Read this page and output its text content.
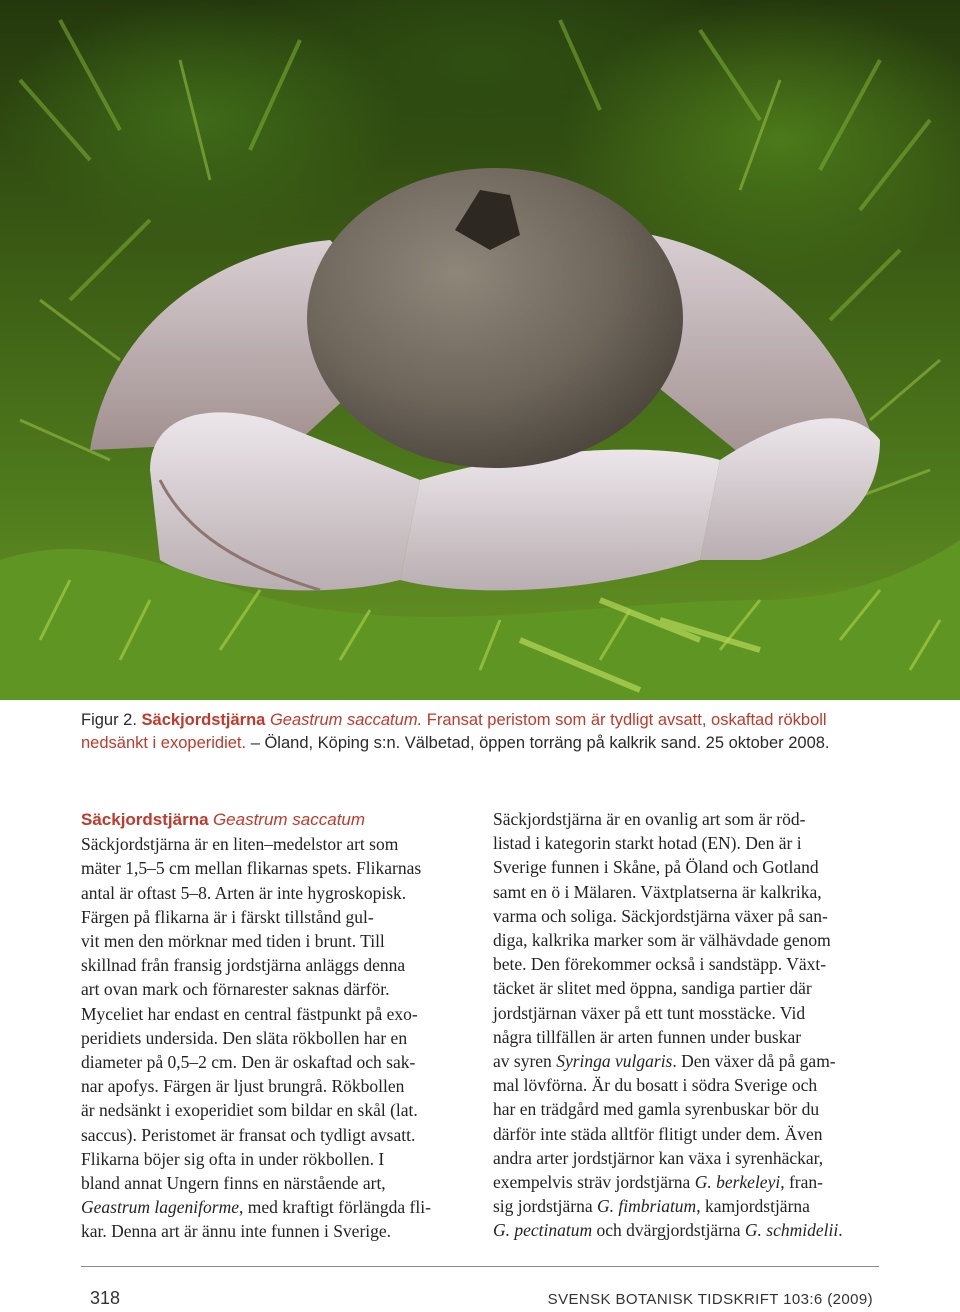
Figur 2. Säckjordstjärna Geastrum saccatum. Fransat peristom som är tydligt avsatt, oskaftad rökboll nedsänkt i exoperidiet. – Öland, Köping s:n. Välbetad, öppen torräng på kalkrik sand. 25 oktober 2008.
Säckjordstjärna Geastrum saccatum
Säckjordstjärna är en liten–medelstor art som
mäter 1,5–5 cm mellan flikarnas spets. Flikarnas
antal är oftast 5–8. Arten är inte hygroskopisk.
Färgen på flikarna är i färskt tillstånd gul-
vit men den mörknar med tiden i brunt. Till
skillnad från fransig jordstjärna anläggs denna
art ovan mark och förnarester saknas därför.
Myceliet har endast en central fästpunkt på exo-
peridiets undersida. Den släta rökbollen har en
diameter på 0,5–2 cm. Den är oskaftad och sak-
nar apofys. Färgen är ljust brungrå. Rökbollen
är nedsänkt i exoperidiet som bildar en skål (lat.
saccus). Peristomet är fransat och tydligt avsatt.
Flikarna böjer sig ofta in under rökbollen. I
bland annat Ungern finns en närstående art,
Geastrum lageniforme, med kraftigt förlängda fli-
kar. Denna art är ännu inte funnen i Sverige.
Säckjordstjärna är en ovanlig art som är röd-
listad i kategorin starkt hotad (EN). Den är i
Sverige funnen i Skåne, på Öland och Gotland
samt en ö i Mälaren. Växtplatserna är kalkrika,
varma och soliga. Säckjordstjärna växer på san-
diga, kalkrika marker som är välhävdade genom
bete. Den förekommer också i sandstäpp. Växt-
täcket är slitet med öppna, sandiga partier där
jordstjärnan växer på ett tunt mosstäcke. Vid
några tillfällen är arten funnen under buskar
av syren Syringa vulgaris. Den växer då på gam-
mal lövförna. Är du bosatt i södra Sverige och
har en trädgård med gamla syrenbuskar bör du
därför inte städa alltför flitigt under dem. Även
andra arter jordstjärnor kan växa i syrenhäckar,
exempelvis sträv jordstjärna G. berkeleyi, fran-
sig jordstjärna G. fimbriatum, kamjordstjärna
G. pectinatum och dvärgjordstjärna G. schmidelii.
318	SVENSK BOTANISK TIDSKRIFT 103:6 (2009)
